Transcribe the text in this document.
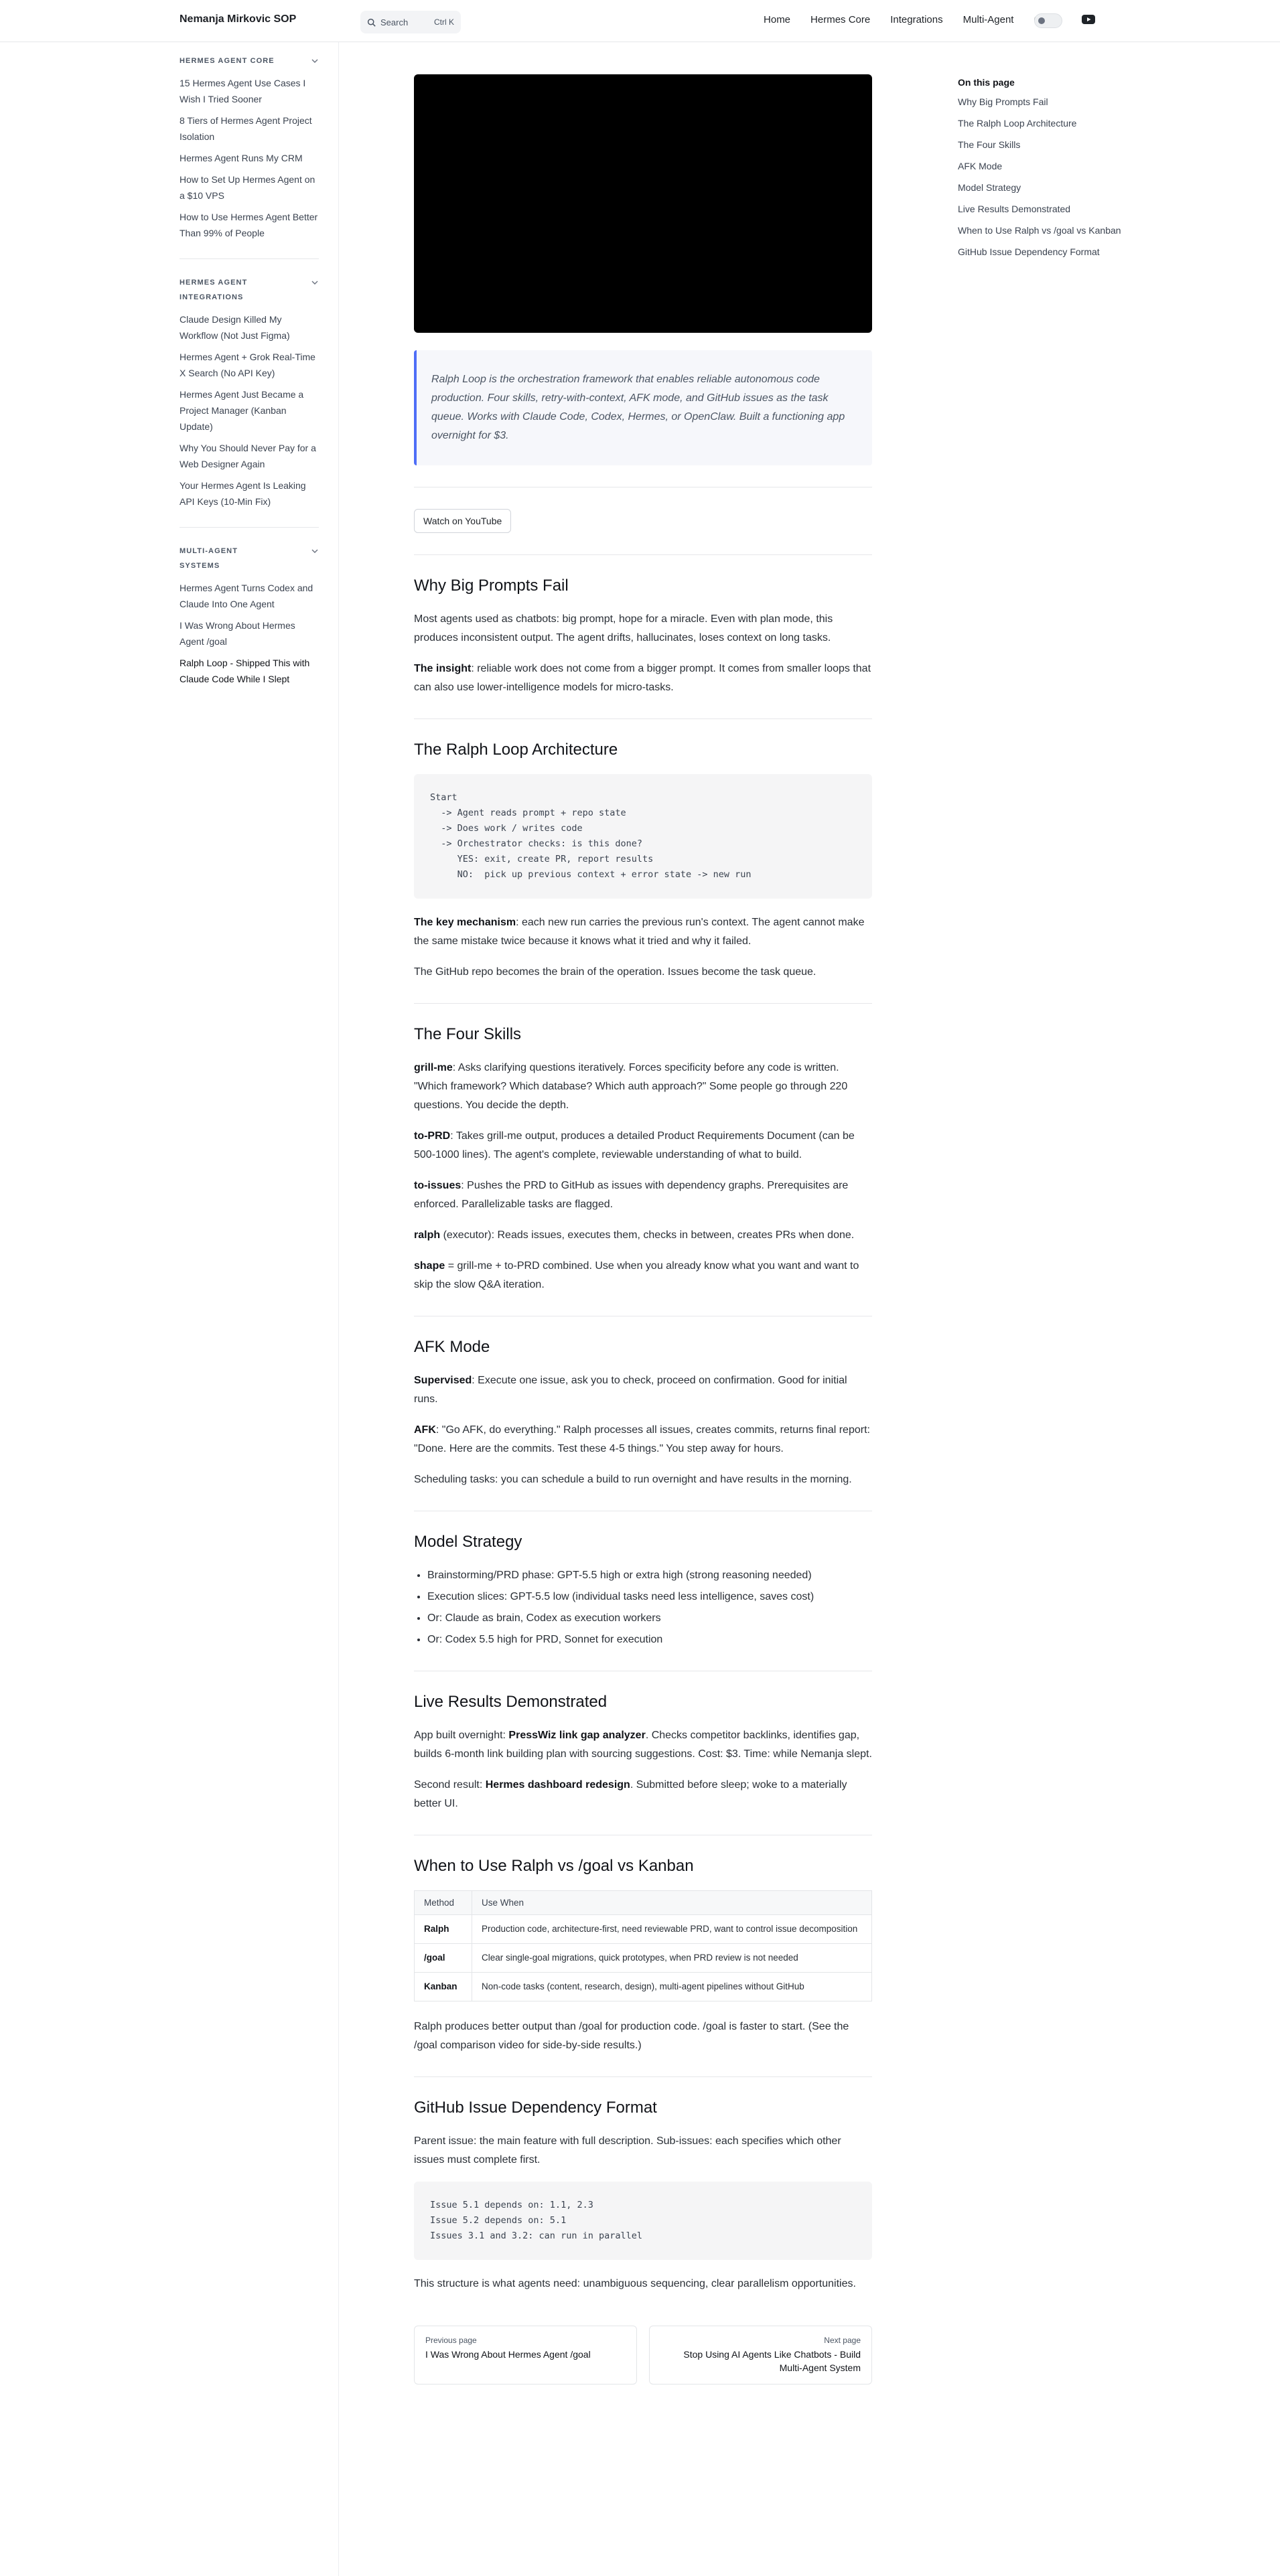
Nemanja Mirkovic SOP	Search	Ctrl K	Home Hermes Core Integrations Multi-Agent
HERMES AGENT CORE
15 Hermes Agent Use Cases I Wish I Tried Sooner
8 Tiers of Hermes Agent Project Isolation
Hermes Agent Runs My CRM
How to Set Up Hermes Agent on a $10 VPS
How to Use Hermes Agent Better Than 99% of People
HERMES AGENT INTEGRATIONS
Claude Design Killed My Workflow (Not Just Figma)
Hermes Agent + Grok Real-Time X Search (No API Key)
Hermes Agent Just Became a Project Manager (Kanban Update)
Why You Should Never Pay for a Web Designer Again
Your Hermes Agent Is Leaking API Keys (10-Min Fix)
MULTI-AGENT SYSTEMS
Hermes Agent Turns Codex and Claude Into One Agent
I Was Wrong About Hermes Agent /goal
Ralph Loop - Shipped This with Claude Code While I Slept
Ralph Loop is the orchestration framework that enables reliable autonomous code production. Four skills, retry-with-context, AFK mode, and GitHub issues as the task queue. Works with Claude Code, Codex, Hermes, or OpenClaw. Built a functioning app overnight for $3.
Watch on YouTube
Why Big Prompts Fail

Most agents used as chatbots: big prompt, hope for a miracle. Even with plan mode, this produces inconsistent output. The agent drifts, hallucinates, loses context on long tasks.

The insight: reliable work does not come from a bigger prompt. It comes from smaller loops that can also use lower-intelligence models for micro-tasks.

The Ralph Loop Architecture
Start
-> Agent reads prompt + repo state
-> Does work / writes code
-> Orchestrator checks: is this done?
YES: exit, create PR, report results
NO:  pick up previous context + error state -> new run

The key mechanism: each new run carries the previous run's context. The agent cannot make the same mistake twice because it knows what it tried and why it failed.

The GitHub repo becomes the brain of the operation. Issues become the task queue.

The Four Skills

grill-me: Asks clarifying questions iteratively. Forces specificity before any code is written. "Which framework? Which database? Which auth approach?" Some people go through 220 questions. You decide the depth.

to-PRD: Takes grill-me output, produces a detailed Product Requirements Document (can be 500-1000 lines). The agent's complete, reviewable understanding of what to build.

to-issues: Pushes the PRD to GitHub as issues with dependency graphs. Prerequisites are enforced. Parallelizable tasks are flagged.

ralph (executor): Reads issues, executes them, checks in between, creates PRs when done.

shape = grill-me + to-PRD combined. Use when you already know what you want and want to skip the slow Q&A iteration.

AFK Mode

Supervised: Execute one issue, ask you to check, proceed on confirmation. Good for initial runs.

AFK: "Go AFK, do everything." Ralph processes all issues, creates commits, returns final report: "Done. Here are the commits. Test these 4-5 things." You step away for hours.

Scheduling tasks: you can schedule a build to run overnight and have results in the morning.

Model Strategy
• Brainstorming/PRD phase: GPT-5.5 high or extra high (strong reasoning needed)
• Execution slices: GPT-5.5 low (individual tasks need less intelligence, saves cost)
• Or: Claude as brain, Codex as execution workers
• Or: Codex 5.5 high for PRD, Sonnet for execution
Live Results Demonstrated

App built overnight: PressWiz link gap analyzer. Checks competitor backlinks, identifies gap, builds 6-month link building plan with sourcing suggestions. Cost: $3. Time: while Nemanja slept.

Second result: Hermes dashboard redesign. Submitted before sleep; woke to a materially better UI.

When to Use Ralph vs /goal vs Kanban
Method	Use When
Ralph	Production code, architecture-first, need reviewable PRD, want to control issue decomposition
/goal	Clear single-goal migrations, quick prototypes, when PRD review is not needed
Kanban	Non-code tasks (content, research, design), multi-agent pipelines without GitHub

Ralph produces better output than /goal for production code. /goal is faster to start. (See the /goal comparison video for side-by-side results.)

GitHub Issue Dependency Format

Parent issue: the main feature with full description. Sub-issues: each specifies which other issues must complete first.

Issue 5.1 depends on: 1.1, 2.3
Issue 5.2 depends on: 5.1
Issues 3.1 and 3.2: can run in parallel

This structure is what agents need: unambiguous sequencing, clear parallelism opportunities.

Previous page
I Was Wrong About Hermes Agent /goal
Next page
Stop Using AI Agents Like Chatbots - Build Multi-Agent System
On this page
Why Big Prompts Fail
The Ralph Loop Architecture
The Four Skills
AFK Mode
Model Strategy
Live Results Demonstrated
When to Use Ralph vs /goal vs Kanban
GitHub Issue Dependency Format
